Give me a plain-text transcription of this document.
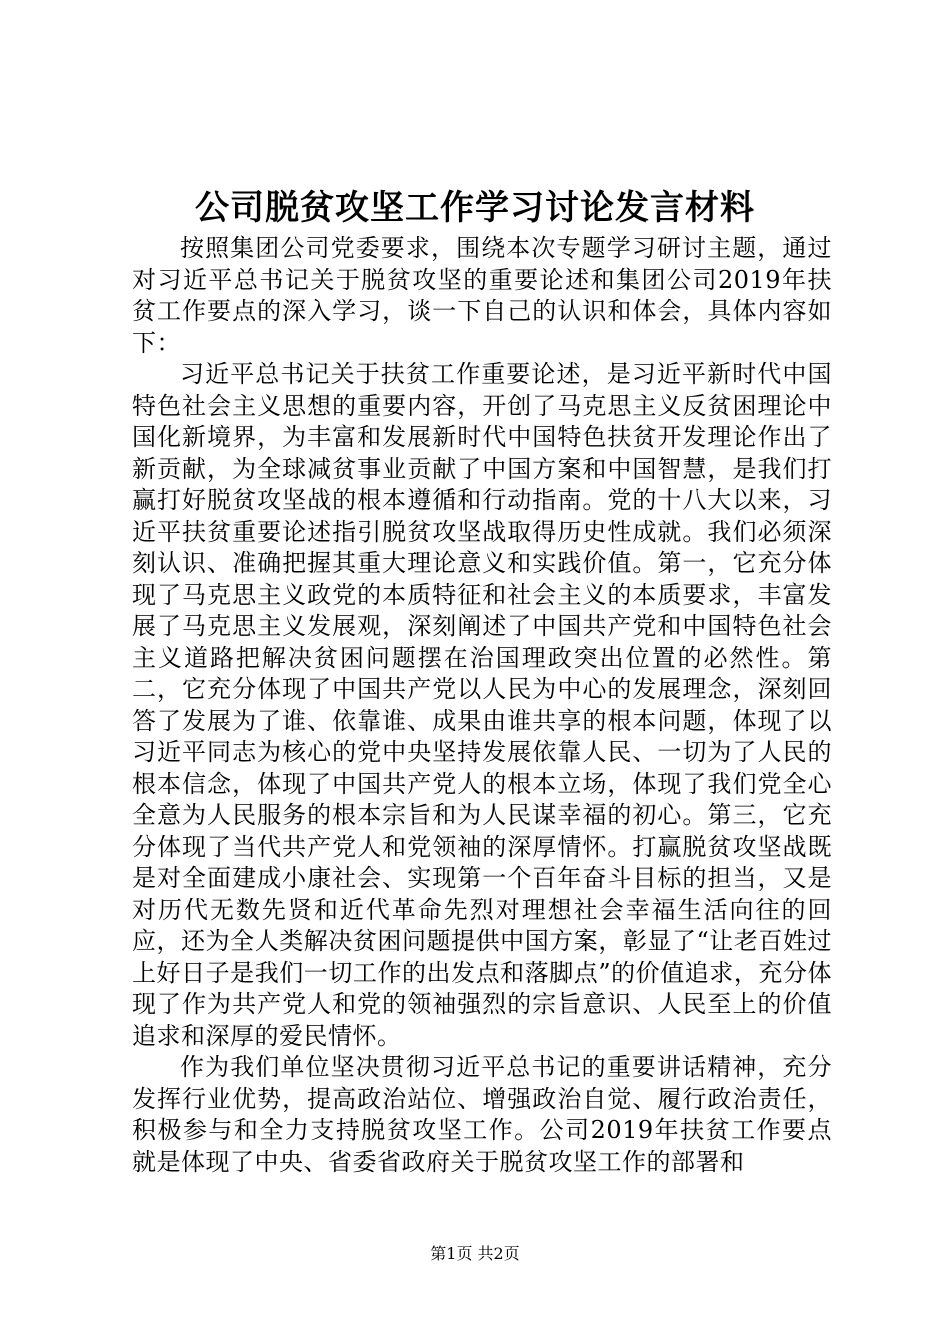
公司脱贫攻坚工作学习讨论发言材料

按照集团公司党委要求，围绕本次专题学习研讨主题，通过对习近平总书记关于脱贫攻坚的重要论述和集团公司2019年扶贫工作要点的深入学习，谈一下自己的认识和体会，具体内容如下：

习近平总书记关于扶贫工作重要论述，是习近平新时代中国特色社会主义思想的重要内容，开创了马克思主义反贫困理论中国化新境界，为丰富和发展新时代中国特色扶贫开发理论作出了新贡献，为全球减贫事业贡献了中国方案和中国智慧，是我们打赢打好脱贫攻坚战的根本遵循和行动指南。党的十八大以来，习近平扶贫重要论述指引脱贫攻坚战取得历史性成就。我们必须深刻认识、准确把握其重大理论意义和实践价值。第一，它充分体现了马克思主义政党的本质特征和社会主义的本质要求，丰富发展了马克思主义发展观，深刻阐述了中国共产党和中国特色社会主义道路把解决贫困问题摆在治国理政突出位置的必然性。第二，它充分体现了中国共产党以人民为中心的发展理念，深刻回答了发展为了谁、依靠谁、成果由谁共享的根本问题，体现了以习近平同志为核心的党中央坚持发展依靠人民、一切为了人民的根本信念，体现了中国共产党人的根本立场，体现了我们党全心全意为人民服务的根本宗旨和为人民谋幸福的初心。第三，它充分体现了当代共产党人和党领袖的深厚情怀。打赢脱贫攻坚战既是对全面建成小康社会、实现第一个百年奋斗目标的担当，又是对历代无数先贤和近代革命先烈对理想社会幸福生活向往的回应，还为全人类解决贫困问题提供中国方案，彰显了“让老百姓过上好日子是我们一切工作的出发点和落脚点”的价值追求，充分体现了作为共产党人和党的领袖强烈的宗旨意识、人民至上的价值追求和深厚的爱民情怀。

作为我们单位坚决贯彻习近平总书记的重要讲话精神，充分发挥行业优势，提高政治站位、增强政治自觉、履行政治责任，积极参与和全力支持脱贫攻坚工作。公司2019年扶贫工作要点就是体现了中央、省委省政府关于脱贫攻坚工作的部署和

第1页 共2页
